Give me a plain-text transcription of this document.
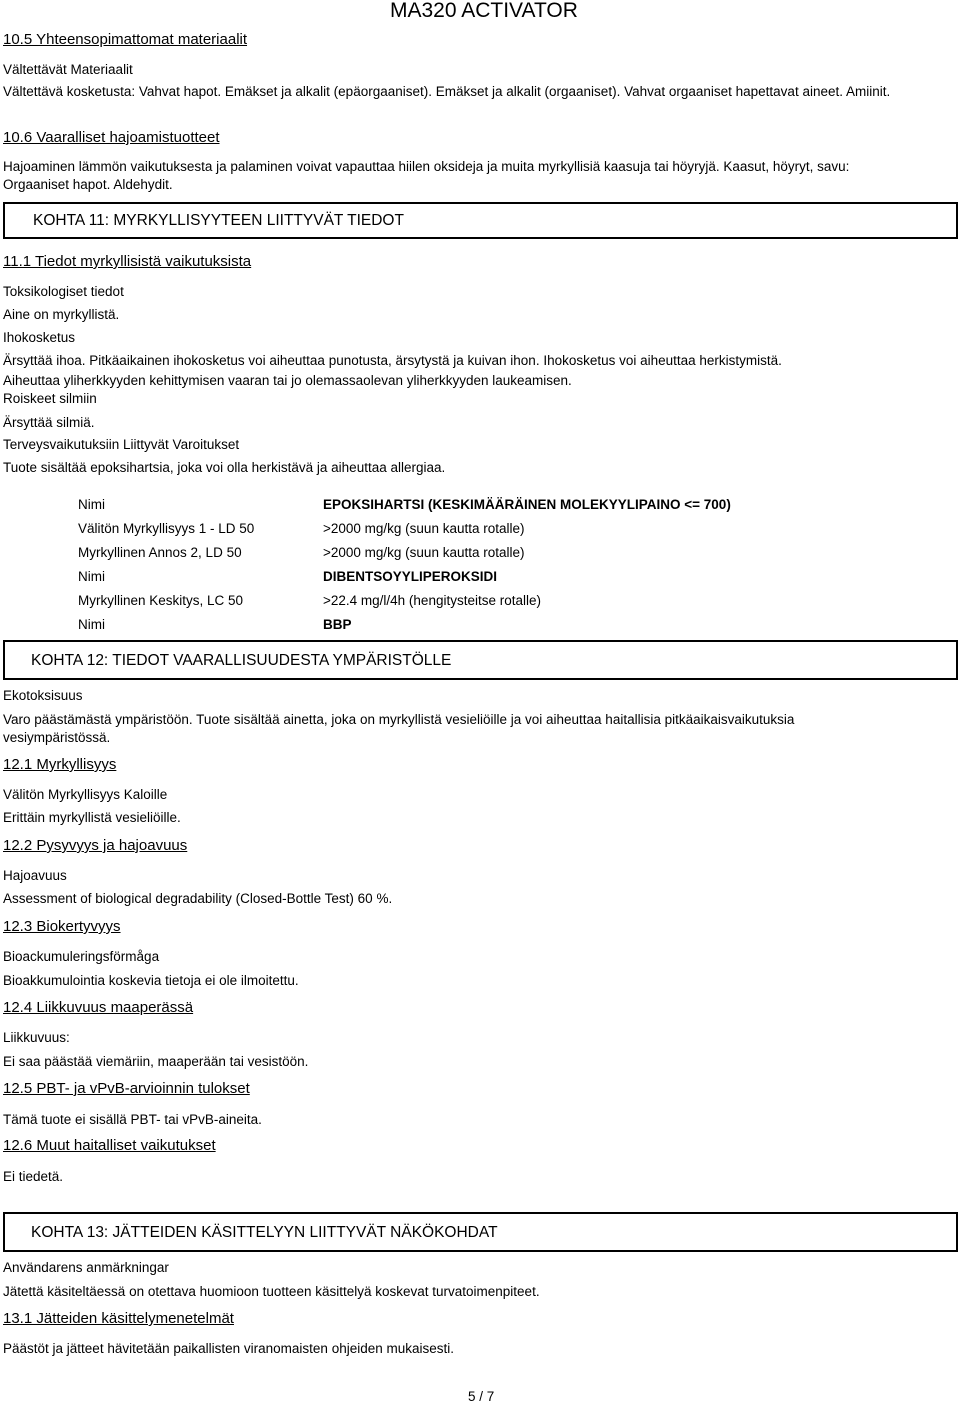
MA320 ACTIVATOR
10.5 Yhteensopimattomat materiaalit
Vältettävät Materiaalit
Vältettävä kosketusta: Vahvat hapot. Emäkset ja alkalit (epäorgaaniset). Emäkset ja alkalit (orgaaniset). Vahvat orgaaniset hapettavat aineet. Amiinit.
10.6 Vaaralliset hajoamistuotteet
Hajoaminen lämmön vaikutuksesta ja palaminen voivat vapauttaa hiilen oksideja ja muita myrkyllisiä kaasuja tai höyryjä. Kaasut, höyryt, savu: Orgaaniset hapot. Aldehydit.
KOHTA 11: MYRKYLLISYYTEEN LIITTYVÄT TIEDOT
11.1 Tiedot myrkyllisistä vaikutuksista
Toksikologiset tiedot
Aine on myrkyllistä.
Ihokosketus
Ärsyttää ihoa. Pitkäaikainen ihokosketus voi aiheuttaa punotusta, ärsytystä ja kuivan ihon. Ihokosketus voi aiheuttaa herkistymistä.
Aiheuttaa yliherkkyyden kehittymisen vaaran tai jo olemassaolevan yliherkkyyden laukeamisen.
Roiskeet silmiin
Ärsyttää silmiä.
Terveysvaikutuksiin Liittyvät Varoitukset
Tuote sisältää epoksihartsia, joka voi olla herkistävä ja aiheuttaa allergiaa.
Nimi	EPOKSIHARTSI (KESKIMÄÄRÄINEN MOLEKYYLIPAINO <= 700)
Välitön Myrkyllisyys 1 - LD 50	>2000 mg/kg (suun kautta rotalle)
Myrkyllinen Annos 2, LD 50	>2000 mg/kg (suun kautta rotalle)
Nimi	DIBENTSOYYLIPEROKSIDI
Myrkyllinen Keskitys, LC 50	>22.4 mg/l/4h (hengitysteitse rotalle)
Nimi	BBP
KOHTA 12: TIEDOT VAARALLISUUDESTA YMPÄRISTÖLLE
Ekotoksisuus
Varo päästämästä ympäristöön. Tuote sisältää ainetta, joka on myrkyllistä vesieliöille ja voi aiheuttaa haitallisia pitkäaikaisvaikutuksia vesiympäristössä.
12.1 Myrkyllisyys
Välitön Myrkyllisyys Kaloille
Erittäin myrkyllistä vesieliöille.
12.2 Pysyvyys ja hajoavuus
Hajoavuus
Assessment of biological degradability (Closed-Bottle Test) 60 %.
12.3 Biokertyvyys
Bioackumuleringsförmåga
Bioakkumulointia koskevia tietoja ei ole ilmoitettu.
12.4 Liikkuvuus maaperässä
Liikkuvuus:
Ei saa päästää viemäriin, maaperään tai vesistöön.
12.5 PBT- ja vPvB-arvioinnin tulokset
Tämä tuote ei sisällä PBT- tai vPvB-aineita.
12.6 Muut haitalliset vaikutukset
Ei tiedetä.
KOHTA 13: JÄTTEIDEN KÄSITTELYYN LIITTYVÄT NÄKÖKOHDAT
Användarens anmärkningar
Jätettä käsiteltäessä on otettava huomioon tuotteen käsittelyä koskevat turvatoimenpiteet.
13.1 Jätteiden käsittelymenetelmät
Päästöt ja jätteet hävitetään paikallisten viranomaisten ohjeiden mukaisesti.
5 / 7
